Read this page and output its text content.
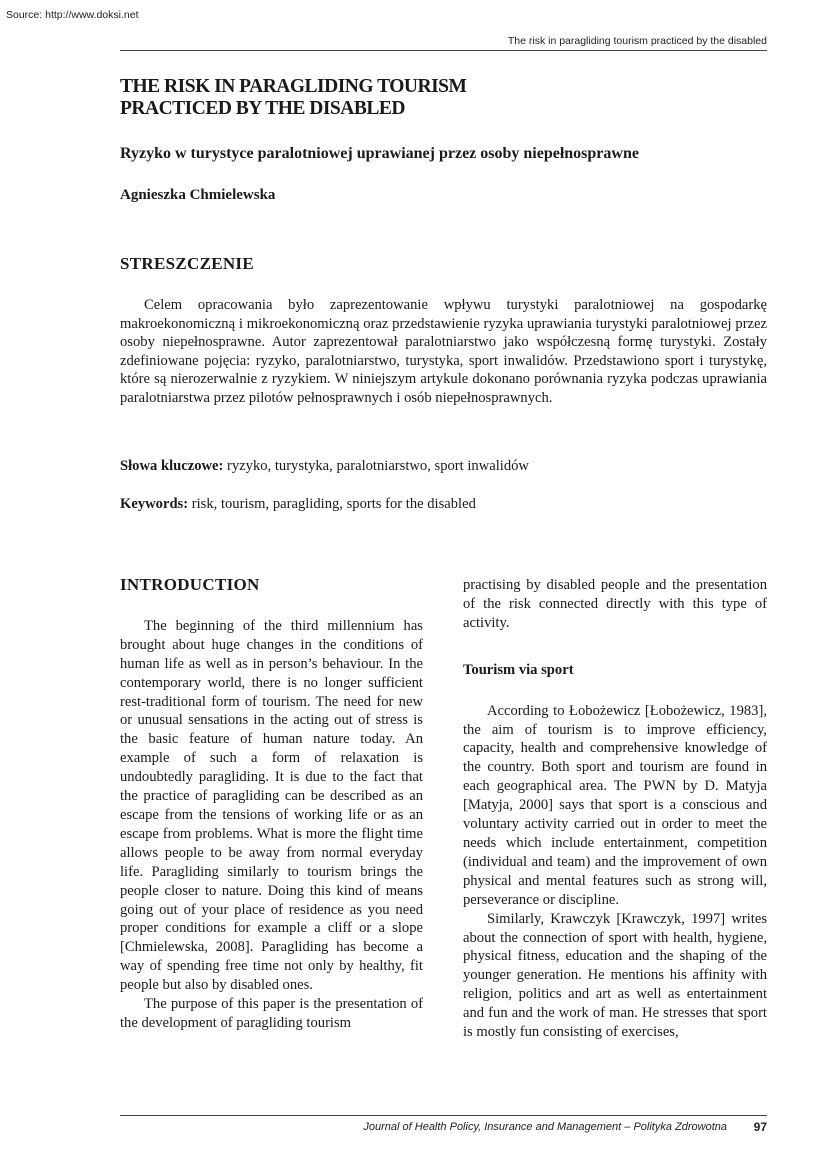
Source: http://www.doksi.net
The risk in paragliding tourism practiced by the disabled
THE RISK IN PARAGLIDING TOURISM
PRACTICED BY THE DISABLED
Ryzyko w turystyce paralotniowej uprawianej przez osoby niepełnosprawne
Agnieszka Chmielewska
STRESZCZENIE

Celem opracowania było zaprezentowanie wpływu turystyki paralotniowej na gospodarkę makroekonomiczną i mikroekonomiczną oraz przedstawienie ryzyka uprawiania turystyki paralotniowej przez osoby niepełnosprawne. Autor zaprezentował paralotniarstwo jako współczesną formę turystyki. Zostały zdefiniowane pojęcia: ryzyko, paralotniarstwo, turystyka, sport inwalidów. Przedstawiono sport i turystykę, które są nierozerwalnie z ryzykiem. W niniejszym artykule dokonano porównania ryzyka podczas uprawiania paralotniarstwa przez pilotów pełnosprawnych i osób niepełnosprawnych.

Słowa kluczowe: ryzyko, turystyka, paralotniarstwo, sport inwalidów

Keywords: risk, tourism, paragliding, sports for the disabled

INTRODUCTION

The beginning of the third millennium has brought about huge changes in the conditions of human life as well as in person’s behaviour. In the contemporary world, there is no longer sufficient rest-traditional form of tourism. The need for new or unusual sensations in the acting out of stress is the basic feature of human nature today. An example of such a form of relaxation is undoubtedly paragliding. It is due to the fact that the practice of paragliding can be described as an escape from the tensions of working life or as an escape from problems. What is more the flight time allows people to be away from normal everyday life. Paragliding similarly to tourism brings the people closer to nature. Doing this kind of means going out of your place of residence as you need proper conditions for example a cliff or a slope [Chmielewska, 2008]. Paragliding has become a way of spending free time not only by healthy, fit people but also by disabled ones.

The purpose of this paper is the presentation of the development of paragliding tourism

practising by disabled people and the presentation of the risk connected directly with this type of activity.

Tourism via sport

According to Łobożewicz [Łobożewicz, 1983], the aim of tourism is to improve efficiency, capacity, health and comprehensive knowledge of the country. Both sport and tourism are found in each geographical area. The PWN by D. Matyja [Matyja, 2000] says that sport is a conscious and voluntary activity carried out in order to meet the needs which include entertainment, competition (individual and team) and the improvement of own physical and mental features such as strong will, perseverance or discipline.

Similarly, Krawczyk [Krawczyk, 1997] writes about the connection of sport with health, hygiene, physical fitness, education and the shaping of the younger generation. He mentions his affinity with religion, politics and art as well as entertainment and fun and the work of man. He stresses that sport is mostly fun consisting of exercises,

Journal of Health Policy, Insurance and Management – Polityka Zdrowotna 97
